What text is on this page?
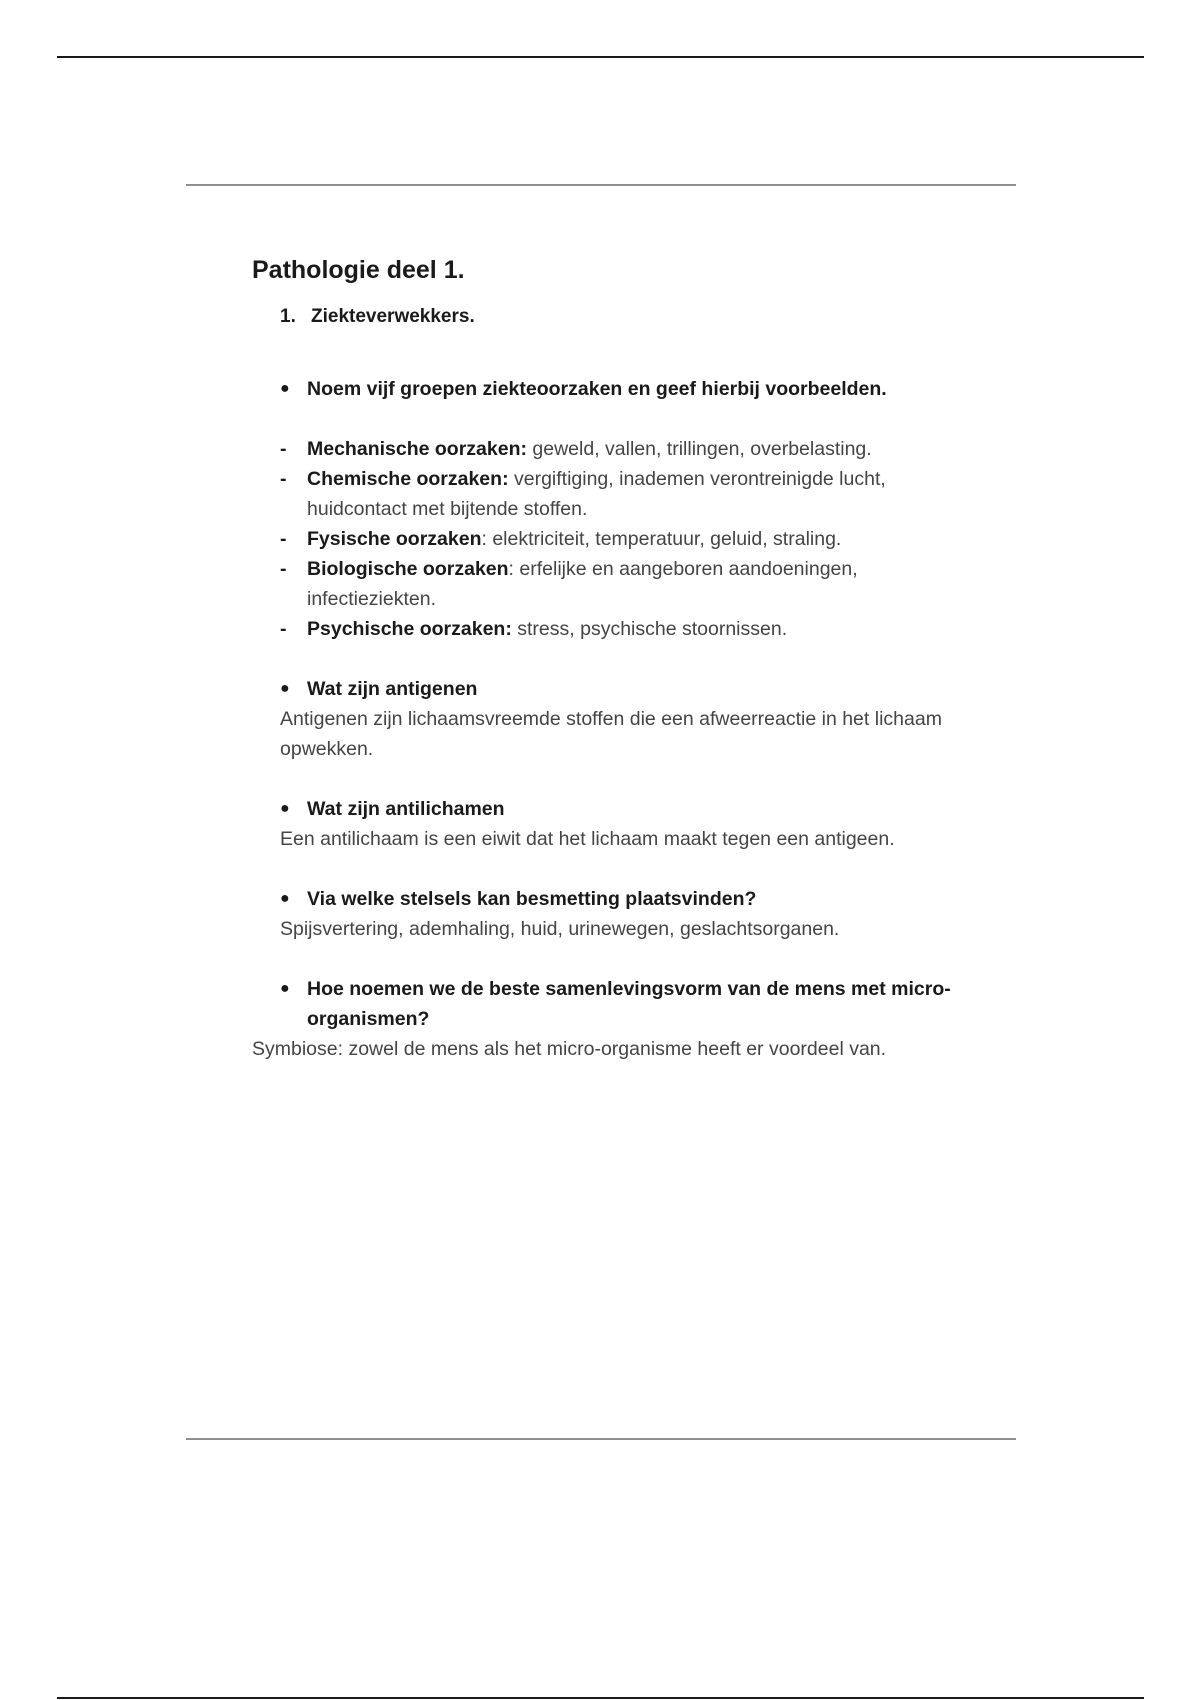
Pathologie deel 1.
1. Ziekteverwekkers.
● Noem vijf groepen ziekteoorzaken en geef hierbij voorbeelden.
-	Mechanische oorzaken: geweld, vallen, trillingen, overbelasting.
-	Chemische oorzaken: vergiftiging, inademen verontreinigde lucht, huidcontact met bijtende stoffen.
-	Fysische oorzaken: elektriciteit, temperatuur, geluid, straling.
-	Biologische oorzaken: erfelijke en aangeboren aandoeningen, infectieziekten.
-	Psychische oorzaken: stress, psychische stoornissen.
● Wat zijn antigenen
Antigenen zijn lichaamsvreemde stoffen die een afweerreactie in het lichaam opwekken.
● Wat zijn antilichamen
Een antilichaam is een eiwit dat het lichaam maakt tegen een antigeen.
● Via welke stelsels kan besmetting plaatsvinden?
Spijsvertering, ademhaling, huid, urinewegen, geslachtsorganen.
● Hoe noemen we de beste samenlevingsvorm van de mens met micro-organismen?
Symbiose: zowel de mens als het micro-organisme heeft er voordeel van.
